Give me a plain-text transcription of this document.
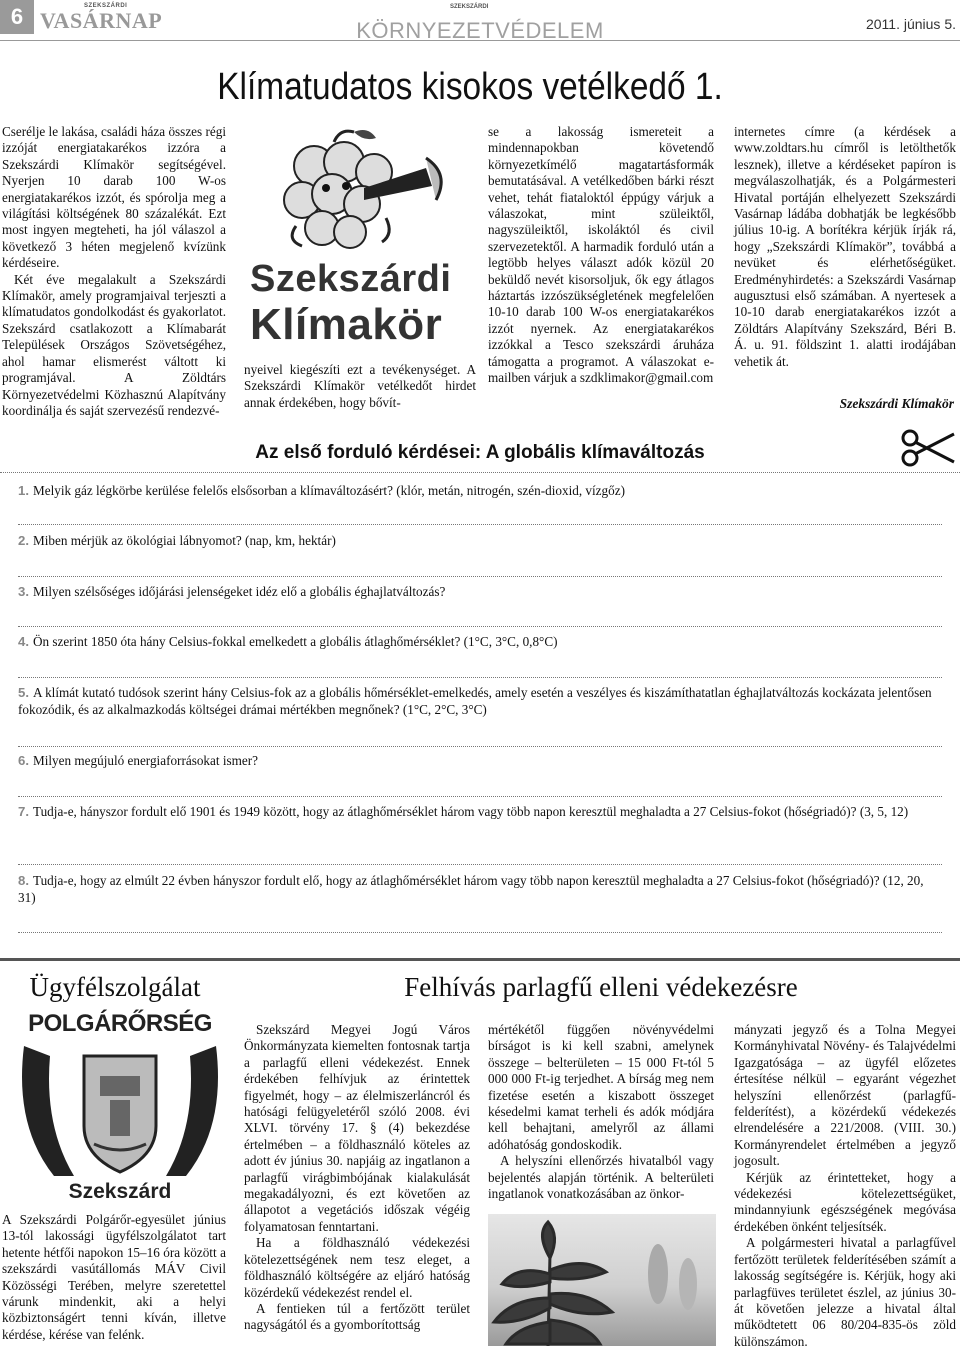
6	SZEKSZÁRDI
VASÁRNAP
SZEKSZÁRDI
KÖRNYEZETVÉDELEM	2011. június 5.
Klímatudatos kisokos vetélkedő 1.

Cserélje le lakása, családi háza összes régi izzóját energiatakarékos izzóra a Szekszárdi Klímakör segítségével. Nyerjen 10 darab 100 W-os energiatakarékos izzót, és spórolja meg a világítási költségének 80 százalékát. Ezt most ingyen megteheti, ha jól válaszol a következő 3 héten megjelenő kvízünk kérdéseire.

Két éve megalakult a Szekszárdi Klímakör, amely programjaival terjeszti a klímatudatos gondolkodást és gyakorlatot. Szekszárd csatlakozott a Klímabarát Települések Országos Szövetségéhez, ahol hamar elismerést váltott ki programjával. A Zöldtárs Környezetvédelmi Közhasznú Alapítvány koordinálja és saját szervezésű rendezvé-

Szekszárdi
Klímakör

nyeivel kiegészíti ezt a tevékenységet. A Szekszárdi Klímakör vetélkedőt hirdet annak érdekében, hogy bővít-

se a lakosság ismereteit a mindennapokban követendő környezetkímélő magatartásformák bemutatásával. A vetélkedőben bárki részt vehet, tehát fiataloktól éppúgy várjuk a válaszokat, mint szüleiktől, nagyszüleiktől, iskoláktól és civil szervezetektől. A harmadik forduló után a legtöbb helyes választ adók közül 20 beküldő nevét kisorsoljuk, ők egy átlagos háztartás izzószükségletének megfelelően 10-10 darab 100 W-os energiatakarékos izzót nyernek. Az energiatakarékos izzókkal a Tesco szekszárdi áruháza támogatta a programot. A válaszokat e-mailben várjuk a szdklimakor@gmail.com

internetes címre (a kérdések a www.zoldtars.hu címről is letölthetők lesznek), illetve a kérdéseket papíron is megválaszolhatják, és a Polgármesteri Hivatal portáján elhelyezett Szekszárdi Vasárnap ládába dobhatják be legkésőbb július 10-ig. A borítékra kérjük írják rá, hogy „Szekszárdi Klímakör”, továbbá a nevüket és elérhetőségüket. Eredményhirdetés: a Szekszárdi Vasárnap augusztusi első számában. A nyertesek a 10-10 darab energiatakarékos izzót a Zöldtárs Alapítvány Szekszárd, Béri B. Á. u. 91. földszint 1. alatti irodájában vehetik át.

Szekszárdi Klímakör
Az első forduló kérdései: A globális klímaváltozás
1. Melyik gáz légkörbe kerülése felelős elsősorban a klímaváltozásért? (klór, metán, nitrogén, szén-dioxid, vízgőz)
2. Miben mérjük az ökológiai lábnyomot? (nap, km, hektár)
3. Milyen szélsőséges időjárási jelenségeket idéz elő a globális éghajlatváltozás?
4. Ön szerint 1850 óta hány Celsius-fokkal emelkedett a globális átlaghőmérséklet? (1°C, 3°C, 0,8°C)
5. A klímát kutató tudósok szerint hány Celsius-fok az a globális hőmérséklet-emelkedés, amely esetén a veszélyes és kiszámíthatatlan éghajlatváltozás kockázata jelentősen fokozódik, és az alkalmazkodás költségei drámai mértékben megnőnek? (1°C, 2°C, 3°C)
6. Milyen megújuló energiaforrásokat ismer?
7. Tudja-e, hányszor fordult elő 1901 és 1949 között, hogy az átlaghőmérséklet három vagy több napon keresztül meghaladta a 27 Celsius-fokot (hőségriadó)? (3, 5, 12)
8. Tudja-e, hogy az elmúlt 22 évben hányszor fordult elő, hogy az átlaghőmérséklet három vagy több napon keresztül meghaladta a 27 Celsius-fokot (hőségriadó)? (12, 20, 31)
Ügyfélszolgálat
POLGÁRŐRSÉG
Szekszárd

A Szekszárdi Polgárőr-egyesület június 13-tól lakossági ügyfélszolgálatot tart hetente hétfői napokon 15–16 óra között a szekszárdi vasútállomás MÁV Civil Közösségi Terében, melyre szeretettel várunk mindenkit, aki a helyi közbiztonságért tenni kíván, illetve kérdése, kérése van felénk.

Felhívás parlagfű elleni védekezésre

Szekszárd Megyei Jogú Város Önkormányzata kiemelten fontosnak tartja a parlagfű elleni védekezést. Ennek érdekében felhívjuk az érintettek figyelmét, hogy – az élelmiszerláncról és hatósági felügyeletéről szóló 2008. évi XLVI. törvény 17. § (4) bekezdése értelmében – a földhasználó köteles az adott év június 30. napjáig az ingatlanon a parlagfű virágbimbójának kialakulását megakadályozni, és ezt követően az állapotot a vegetációs időszak végéig folyamatosan fenntartani.

Ha a földhasználó védekezési kötelezettségének nem tesz eleget, a földhasználó költségére az eljáró hatóság közérdekű védekezést rendel el.

A fentieken túl a fertőzött terület nagyságától és a gyomborítottság

mértékétől függően növényvédelmi bírságot is ki kell szabni, amelynek összege – belterületen – 15 000 Ft-tól 5 000 000 Ft-ig terjedhet. A bírság meg nem fizetése esetén a kiszabott összeget késedelmi kamat terheli és adók módjára kell behajtani, amelyről az állami adóhatóság gondoskodik.

A helyszíni ellenőrzés hivatalból vagy bejelentés alapján történik. A belterületi ingatlanok vonatkozásában az önkor-

mányzati jegyző és a Tolna Megyei Kormányhivatal Növény- és Talajvédelmi Igazgatósága – az ügyfél előzetes értesítése nélkül – egyaránt végezhet helyszíni ellenőrzést (parlagfű-felderítést), a közérdekű védekezés elrendelésére a 221/2008. (VIII. 30.) Kormányrendelet értelmében a jegyző jogosult.

Kérjük az érintetteket, hogy a védekezési kötelezettségüket, mindannyiunk egészségének megóvása érdekében önként teljesítsék.

A polgármesteri hivatal a parlagfűvel fertőzött területek felderítésében számít a lakosság segítségére is. Kérjük, hogy aki parlagfüves területet észlel, az június 30-át követően jelezze a hivatal által működtetett 06 80/204-835-ös zöld különszámon.
